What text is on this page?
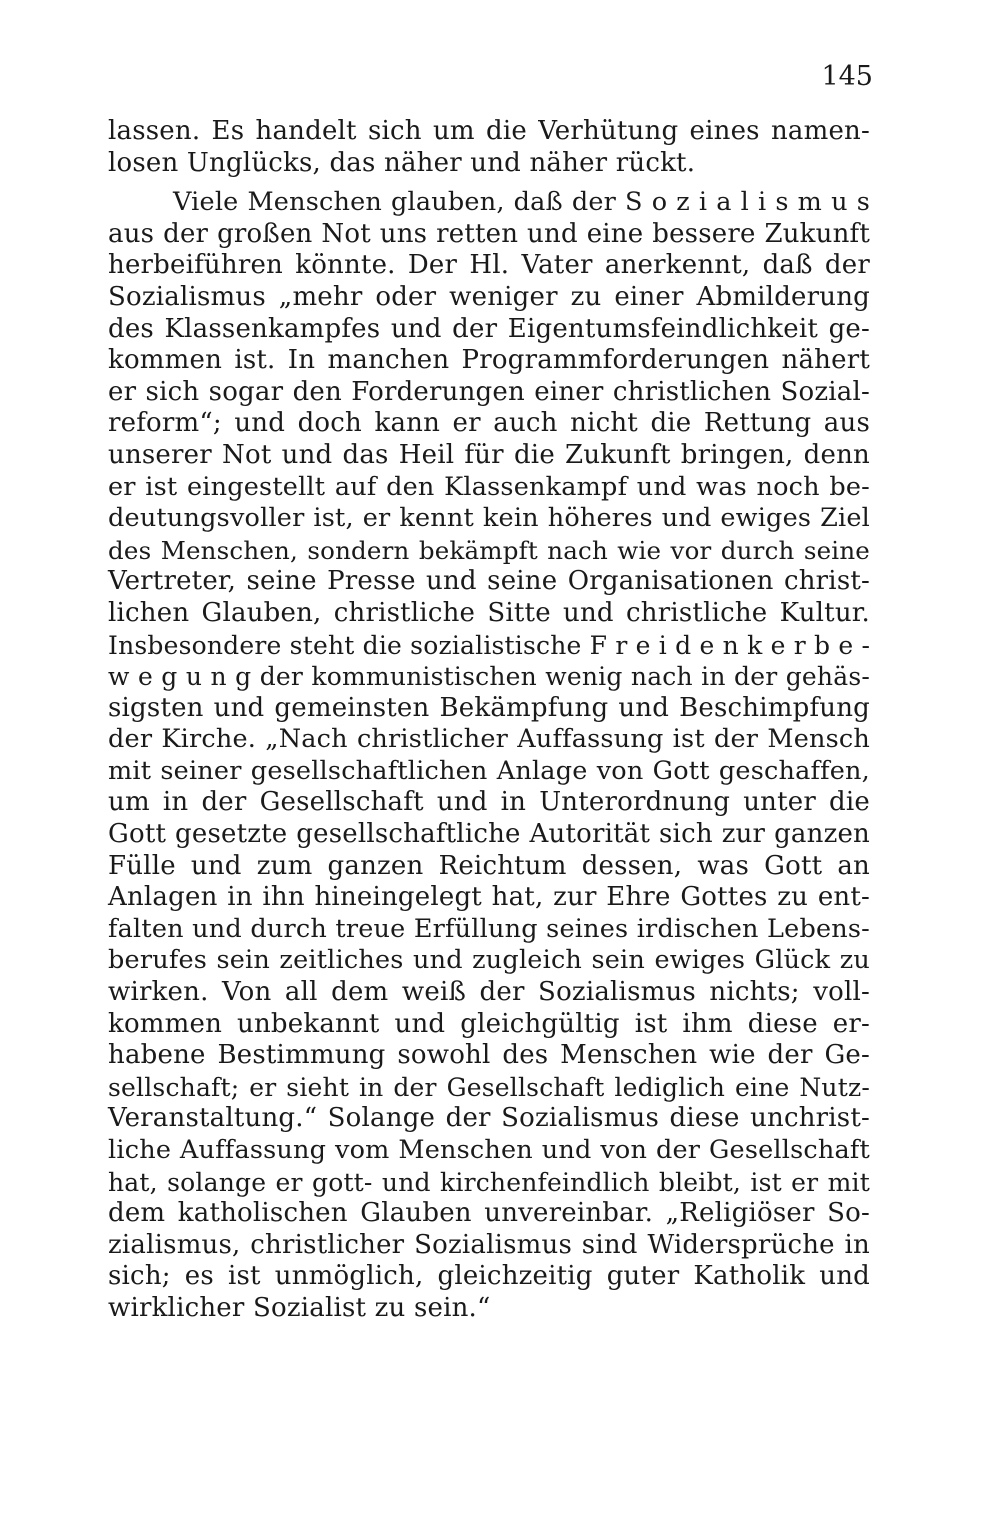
145
lassen. Es handelt sich um die Verhütung eines namen-
losen Unglücks, das näher und näher rückt.
Viele Menschen glauben, daß der S o z i a l i s m u s
aus der großen Not uns retten und eine bessere Zukunft
herbeiführen könnte. Der Hl. Vater anerkennt, daß der
Sozialismus „mehr oder weniger zu einer Abmilderung
des Klassenkampfes und der Eigentumsfeindlichkeit ge-
kommen ist. In manchen Programmforderungen nähert
er sich sogar den Forderungen einer christlichen Sozial-
reform“; und doch kann er auch nicht die Rettung aus
unserer Not und das Heil für die Zukunft bringen, denn
er ist eingestellt auf den Klassenkampf und was noch be-
deutungsvoller ist, er kennt kein höheres und ewiges Ziel
des Menschen, sondern bekämpft nach wie vor durch seine
Vertreter, seine Presse und seine Organisationen christ-
lichen Glauben, christliche Sitte und christliche Kultur.
Insbesondere steht die sozialistische F r e i d e n k e r b e -
w e g u n g der kommunistischen wenig nach in der gehäs-
sigsten und gemeinsten Bekämpfung und Beschimpfung
der Kirche. „Nach christlicher Auffassung ist der Mensch
mit seiner gesellschaftlichen Anlage von Gott geschaffen,
um in der Gesellschaft und in Unterordnung unter die
Gott gesetzte gesellschaftliche Autorität sich zur ganzen
Fülle und zum ganzen Reichtum dessen, was Gott an
Anlagen in ihn hineingelegt hat, zur Ehre Gottes zu ent-
falten und durch treue Erfüllung seines irdischen Lebens-
berufes sein zeitliches und zugleich sein ewiges Glück zu
wirken. Von all dem weiß der Sozialismus nichts; voll-
kommen unbekannt und gleichgültig ist ihm diese er-
habene Bestimmung sowohl des Menschen wie der Ge-
sellschaft; er sieht in der Gesellschaft lediglich eine Nutz-
Veranstaltung.“ Solange der Sozialismus diese unchrist-
liche Auffassung vom Menschen und von der Gesellschaft
hat, solange er gott- und kirchenfeindlich bleibt, ist er mit
dem katholischen Glauben unvereinbar. „Religiöser So-
zialismus, christlicher Sozialismus sind Widersprüche in
sich; es ist unmöglich, gleichzeitig guter Katholik und
wirklicher Sozialist zu sein.“
